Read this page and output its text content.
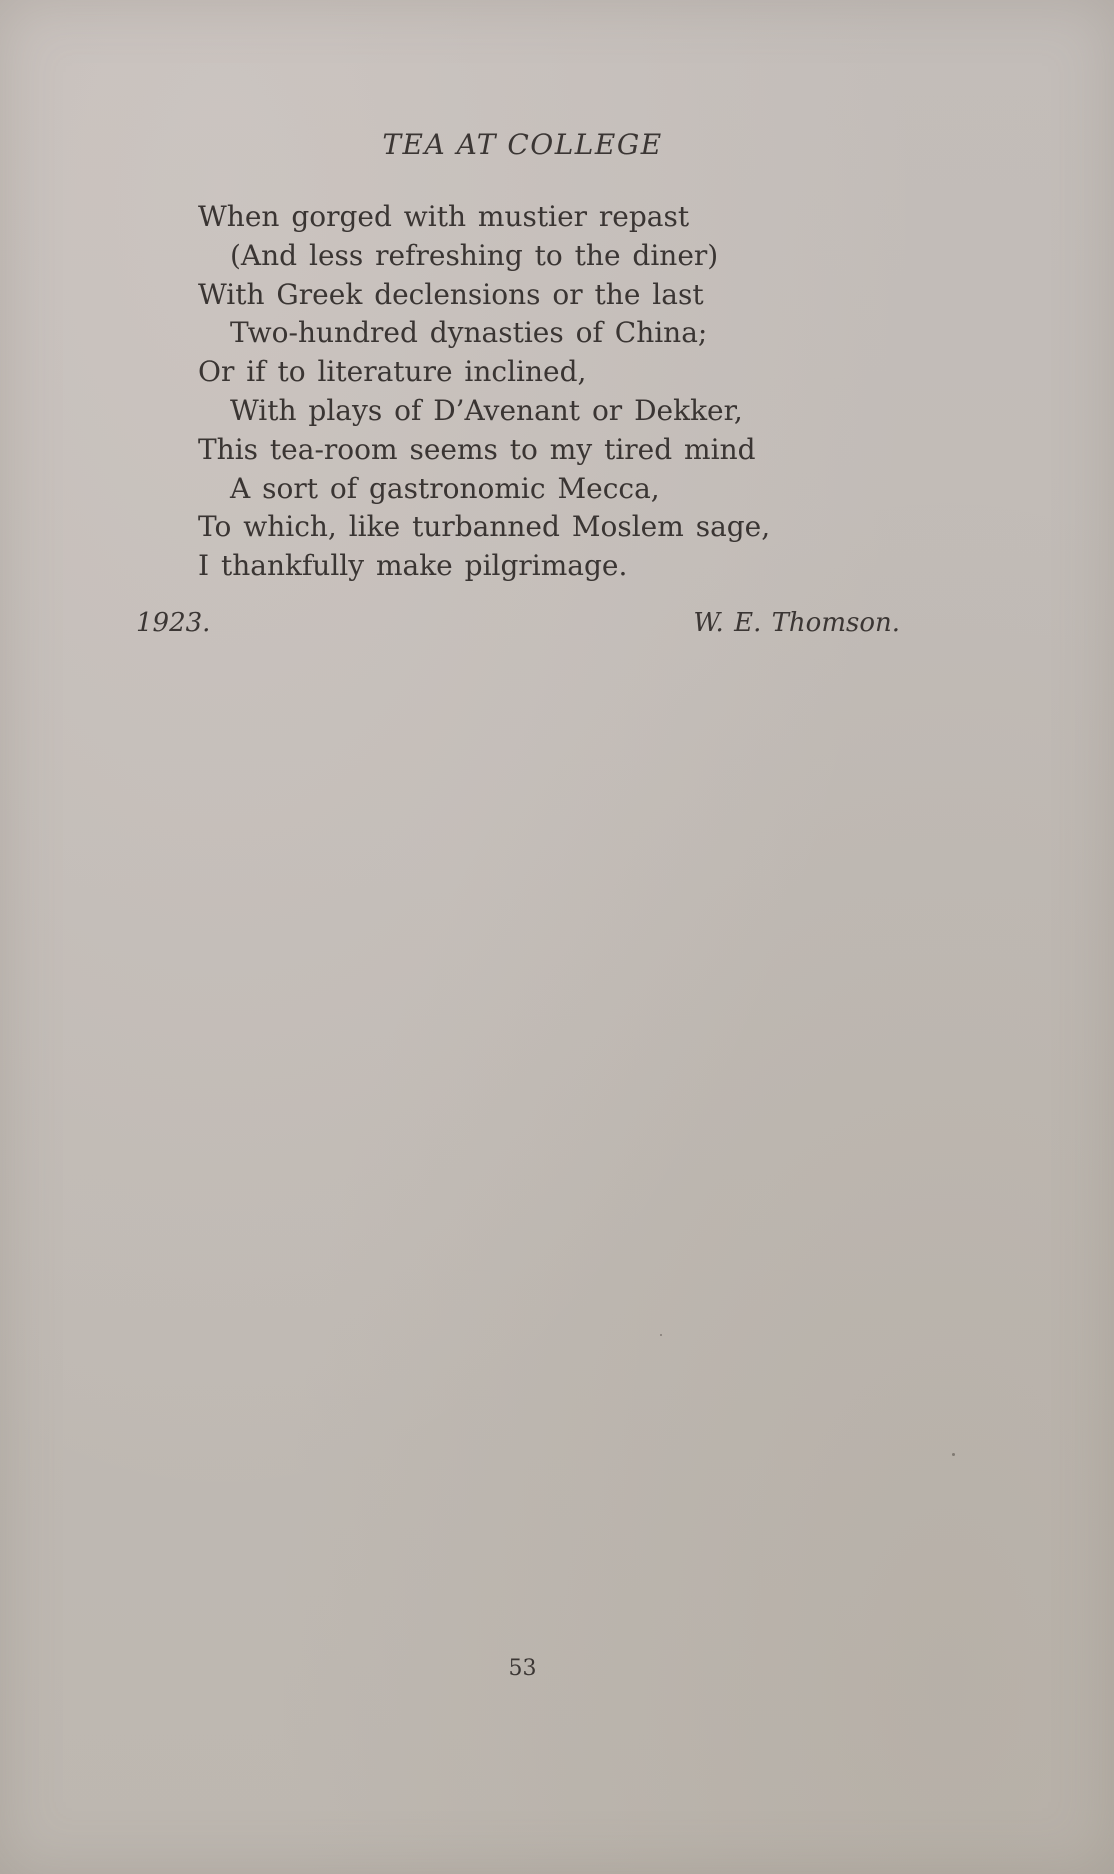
TEA AT COLLEGE
When gorged with mustier repast
(And less refreshing to the diner)
With Greek declensions or the last
Two-hundred dynasties of China;
Or if to literature inclined,
With plays of D’Avenant or Dekker,
This tea-room seems to my tired mind
A sort of gastronomic Mecca,
To which, like turbanned Moslem sage,
I thankfully make pilgrimage.
1923.	W. E. Thomson.
53
